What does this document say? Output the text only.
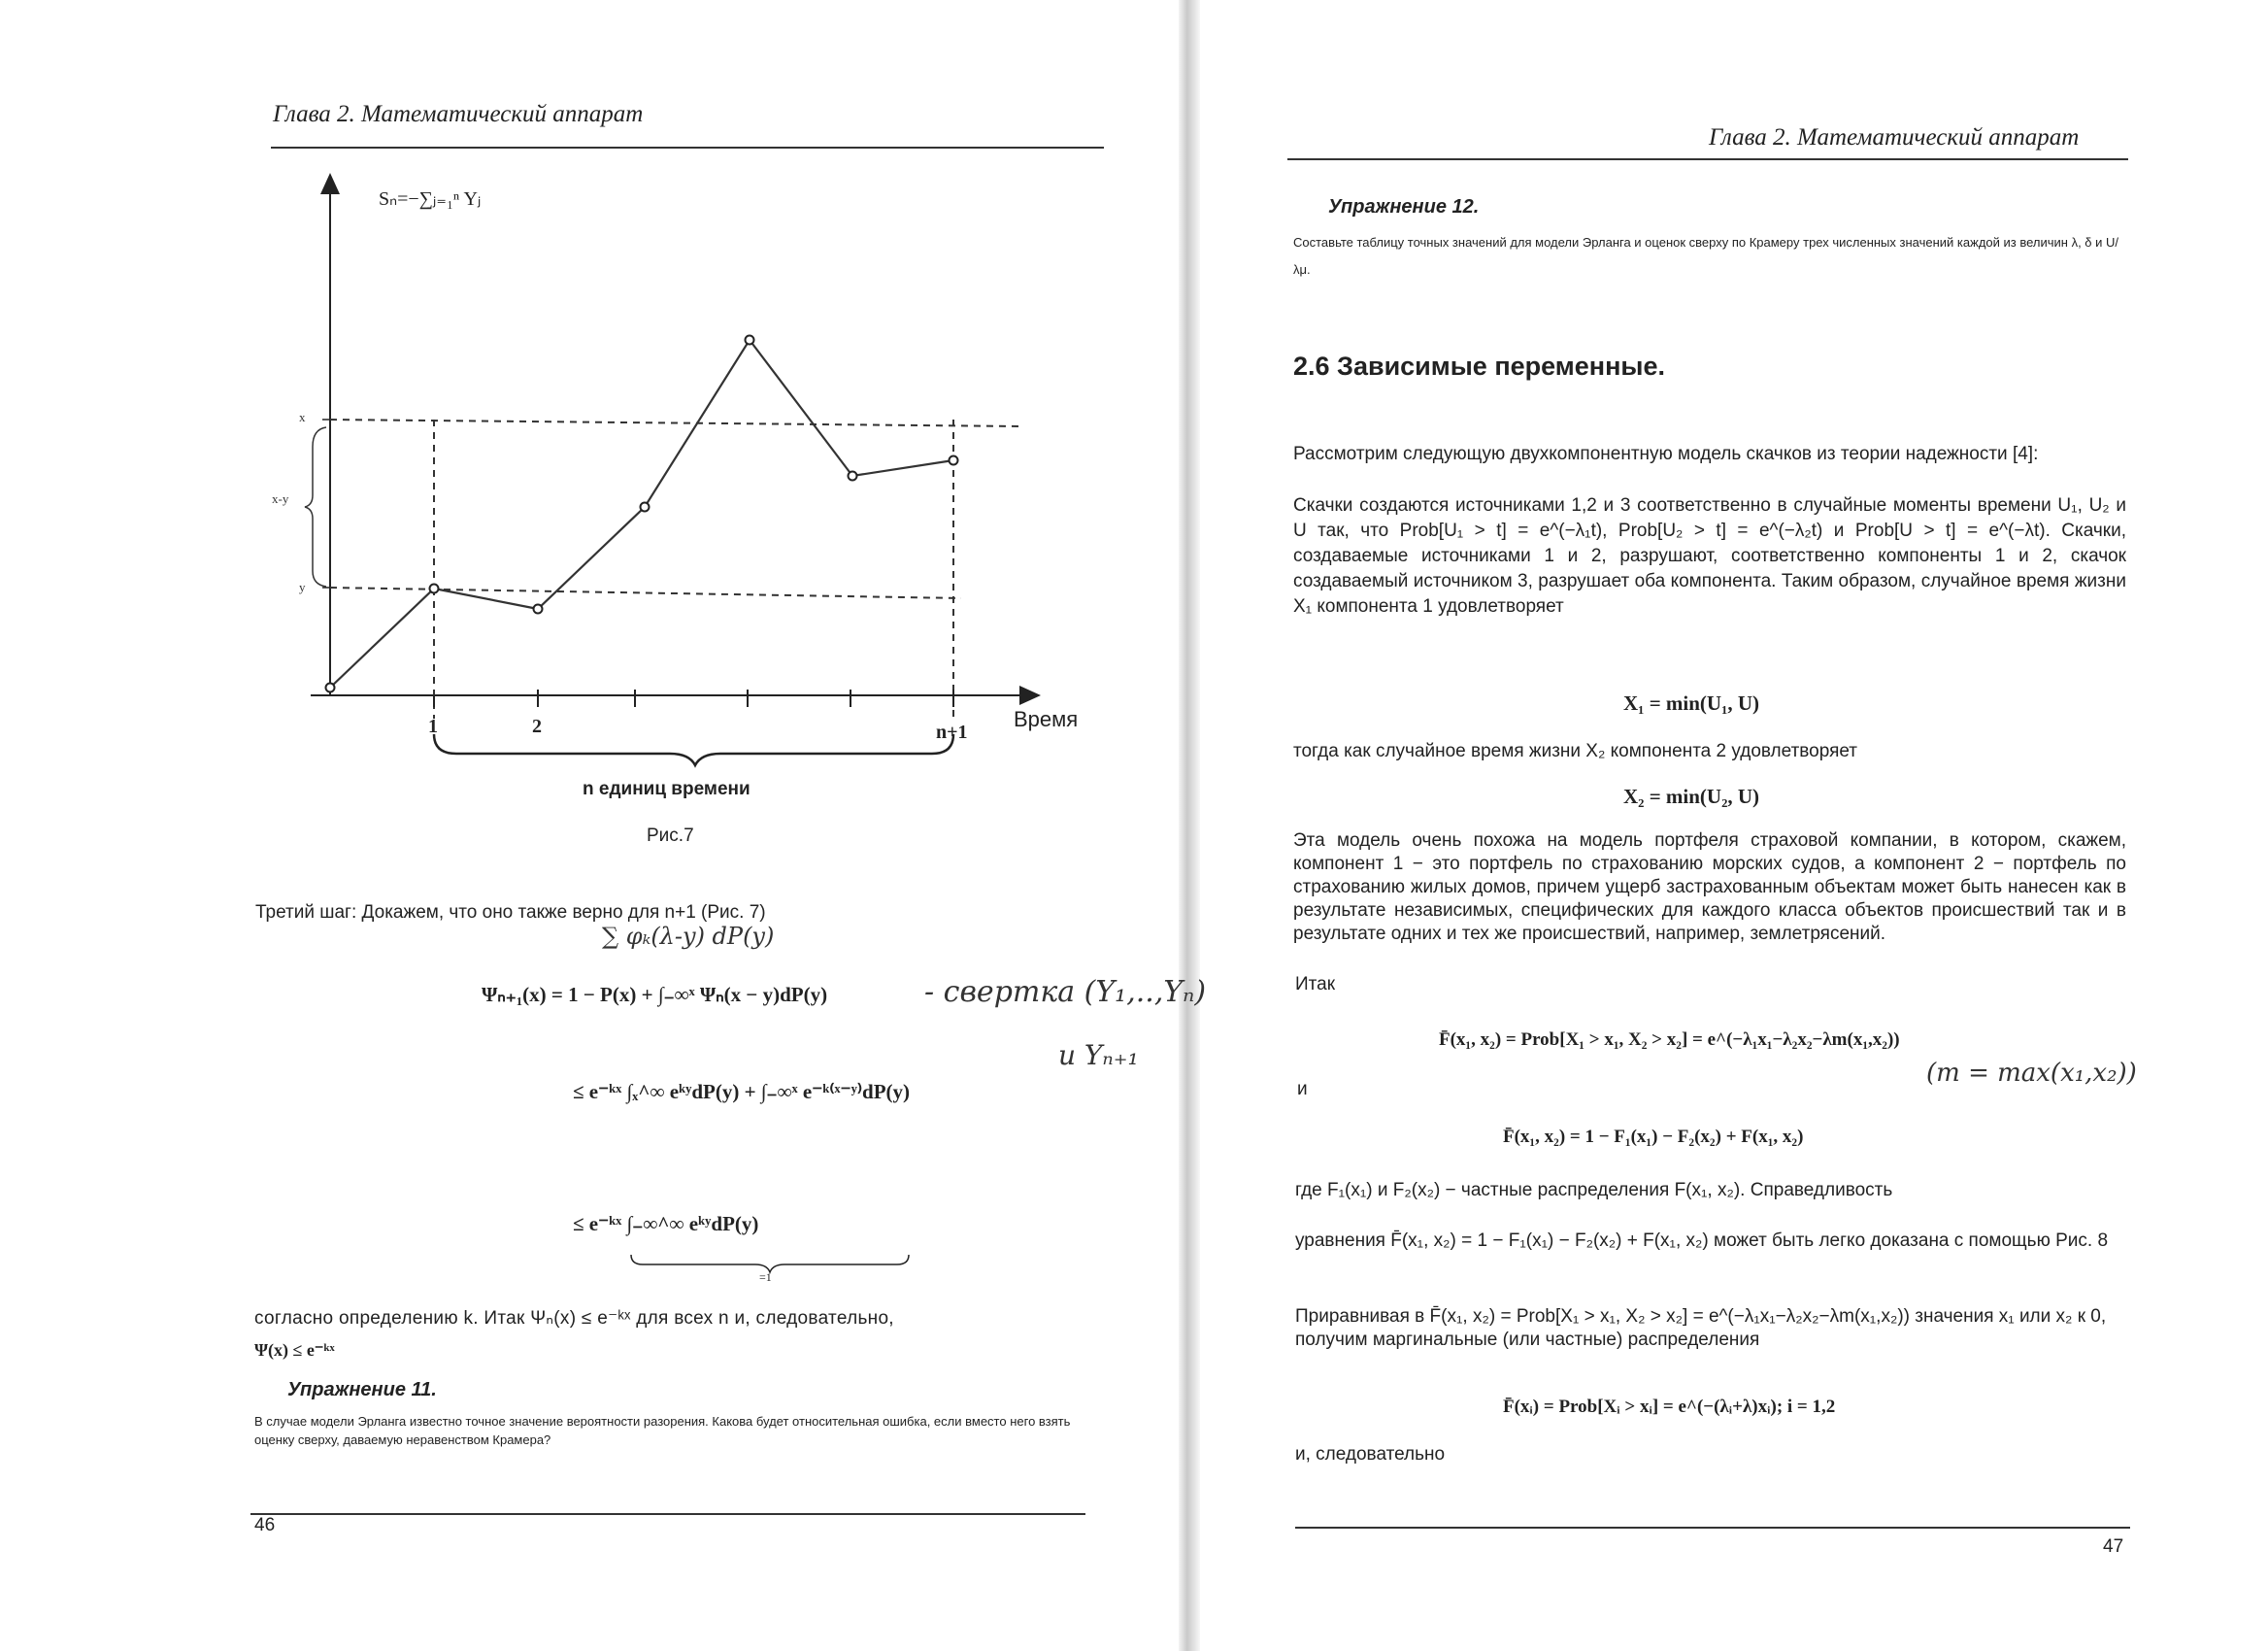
Глава 2. Математический аппарат
x
x-y
y
1	2	n+1
Время
n единиц времени
Рис.7
Sₙ=−∑ⱼ₌₁ⁿ Yⱼ
Третий шаг: Докажем, что оно также верно для n+1 (Рис. 7)
∑ φₖ(λ-y) dP(y)
Ψₙ₊₁(x) = 1 − P(x) + ∫₋∞ˣ Ψₙ(x − y)dP(y)	- свертка (Y₁,..,Yₙ)
и Yₙ₊₁
≤ e⁻ᵏˣ ∫ₓ^∞ eᵏʸdP(y) + ∫₋∞ˣ e⁻ᵏ⁽ˣ⁻ʸ⁾dP(y)
≤ e⁻ᵏˣ ∫₋∞^∞ eᵏʸdP(y)
=1
согласно определению k. Итак Ψₙ(x) ≤ e⁻ᵏˣ для всех n и, следовательно,
Ψ(x) ≤ e⁻ᵏˣ
Упражнение 11.
В случае модели Эрланга известно точное значение вероятности разорения. Какова будет относительная ошибка, если вместо него взять оценку сверху, даваемую неравенством Крамера?
46
Глава 2. Математический аппарат
Упражнение 12.
Составьте таблицу точных значений для модели Эрланга и оценок сверху по Крамеру трех численных значений каждой из величин λ, δ и U/λμ.
2.6 Зависимые переменные.
Рассмотрим следующую двухкомпонентную модель скачков из теории надежности [4]:
Скачки создаются источниками 1,2 и 3 соответственно в случайные моменты времени U₁, U₂ и U так, что Prob[U₁ > t] = e^(−λ₁t), Prob[U₂ > t] = e^(−λ₂t) и Prob[U > t] = e^(−λt). Скачки, создаваемые источниками 1 и 2, разрушают, соответственно компоненты 1 и 2, скачок создаваемый источником 3, разрушает оба компонента. Таким образом, случайное время жизни X₁ компонента 1 удовлетворяет
X₁ = min(U₁, U)
тогда как случайное время жизни X₂ компонента 2 удовлетворяет
X₂ = min(U₂, U)
Эта модель очень похожа на модель портфеля страховой компании, в котором, скажем, компонент 1 − это портфель по страхованию морских судов, а компонент 2 − портфель по страхованию жилых домов, причем ущерб застрахованным объектам может быть нанесен как в результате независимых, специфических для каждого класса объектов происшествий так и в результате одних и тех же происшествий, например, землетрясений.
Итак
F̄(x₁, x₂) = Prob[X₁ > x₁, X₂ > x₂] = e^(−λ₁x₁−λ₂x₂−λm(x₁,x₂))
и
(m = max(x₁,x₂))
F̄(x₁, x₂) = 1 − F₁(x₁) − F₂(x₂) + F(x₁, x₂)
где F₁(x₁) и F₂(x₂) − частные распределения F(x₁, x₂). Справедливость
уравнения F̄(x₁, x₂) = 1 − F₁(x₁) − F₂(x₂) + F(x₁, x₂) может быть легко доказана с помощью Рис. 8
Приравнивая в F̄(x₁, x₂) = Prob[X₁ > x₁, X₂ > x₂] = e^(−λ₁x₁−λ₂x₂−λm(x₁,x₂)) значения x₁ или x₂ к 0, получим маргинальные (или частные) распределения
F̄(xᵢ) = Prob[Xᵢ > xᵢ] = e^(−(λᵢ+λ)xᵢ); i = 1,2
и, следовательно
47
